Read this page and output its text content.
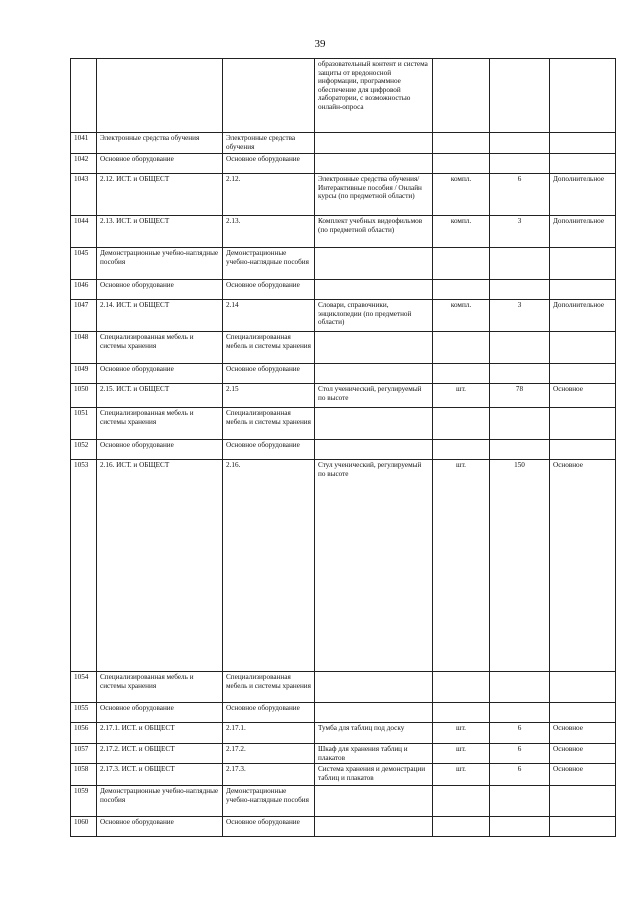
39
			образовательный контент и система защиты от вредоносной информации, программное обеспечение для цифровой лаборатории, с возможностью онлайн-опроса			
1041	Электронные средства обучения	Электронные средства обучения				
1042	Основное оборудование	Основное оборудование				
1043	2.12. ИСТ. и ОБЩЕСТ	2.12.	Электронные средства обучения/Интерактивные пособия / Онлайн курсы (по предметной области)	компл.	6	Дополнительное
1044	2.13. ИСТ. и ОБЩЕСТ	2.13.	Комплект учебных видеофильмов (по предметной области)	компл.	3	Дополнительное
1045	Демонстрационные учебно-наглядные пособия	Демонстрационные учебно-наглядные пособия				
1046	Основное оборудование	Основное оборудование				
1047	2.14. ИСТ. и ОБЩЕСТ	2.14	Словари, справочники, энциклопедии (по предметной области)	компл.	3	Дополнительное
1048	Специализированная мебель и системы хранения	Специализированная мебель и системы хранения				
1049	Основное оборудование	Основное оборудование				
1050	2.15. ИСТ. и ОБЩЕСТ	2.15	Стол ученический, регулируемый по высоте	шт.	78	Основное
1051	Специализированная мебель и системы хранения	Специализированная мебель и системы хранения				
1052	Основное оборудование	Основное оборудование				
1053	2.16. ИСТ. и ОБЩЕСТ	2.16.	Стул ученический, регулируемый по высоте	шт.	150	Основное
1054	Специализированная мебель и системы хранения	Специализированная мебель и системы хранения				
1055	Основное оборудование	Основное оборудование				
1056	2.17.1. ИСТ. и ОБЩЕСТ	2.17.1.	Тумба для таблиц под доску	шт.	6	Основное
1057	2.17.2. ИСТ. и ОБЩЕСТ	2.17.2.	Шкаф для хранения таблиц и плакатов	шт.	6	Основное
1058	2.17.3. ИСТ. и ОБЩЕСТ	2.17.3.	Система хранения и демонстрации таблиц и плакатов	шт.	6	Основное
1059	Демонстрационные учебно-наглядные пособия	Демонстрационные учебно-наглядные пособия				
1060	Основное оборудование	Основное оборудование				
